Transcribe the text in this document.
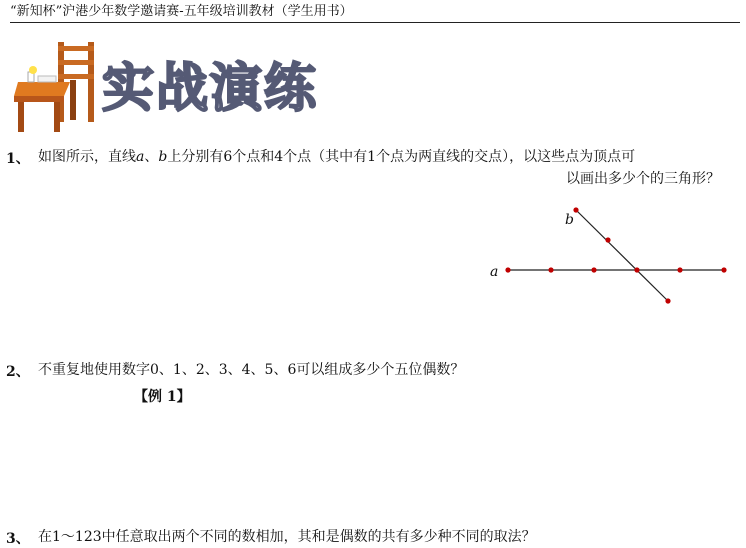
“新知杯”沪港少年数学邀请赛-五年级培训教材（学生用书）
实战演练
1、 如图所示，直线a、b上分别有6个点和4个点（其中有1个点为两直线的交点），以这些点为顶点可
以画出多少个的三角形？
a
b
2、 不重复地使用数字0、1、2、3、4、5、6可以组成多少个五位偶数？
【例 1】
3、 在1～123中任意取出两个不同的数相加，其和是偶数的共有多少种不同的取法？
